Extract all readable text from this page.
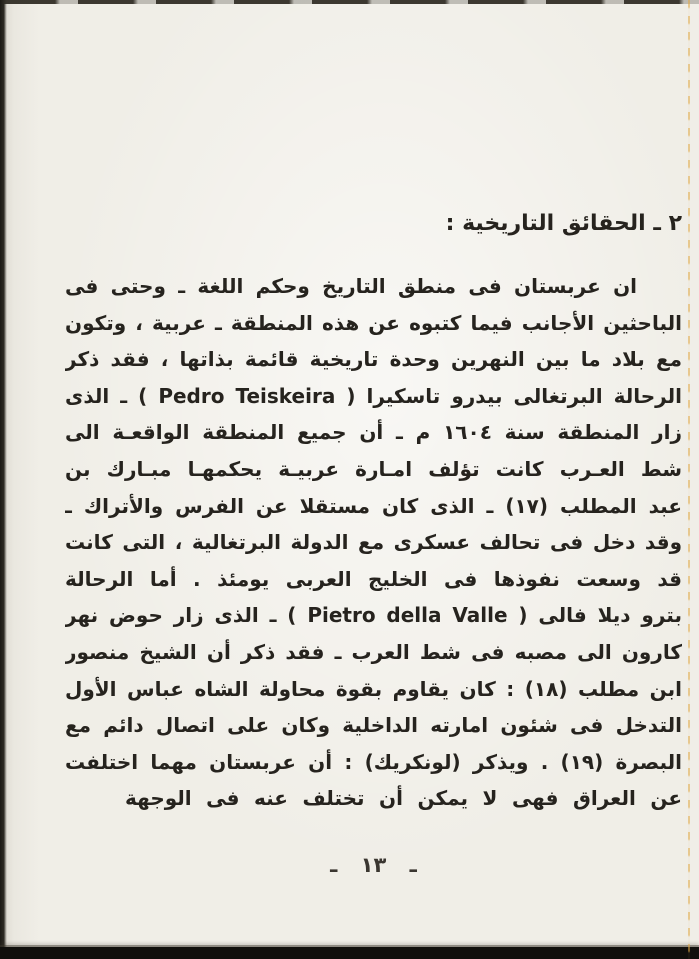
٢ ـ الحقائق التاريخية :
ان عربستان فى منطق التاريخ وحكم اللغة ـ وحتى فى
الباحثين الأجانب فيما كتبوه عن هذه المنطقة ـ عربية ، وتكون
مع بلاد ما بين النهرين وحدة تاريخية قائمة بذاتها ، فقد ذكر
الرحالة البرتغالى بيدرو تاسكيرا ( Pedro Teiskeira ) ـ الذى
زار المنطقة سنة ١٦٠٤ م ـ أن جميع المنطقة الواقعـة الى
شط العـرب كانت تؤلف امـارة عربيـة يحكمهـا مبـارك بن
عبد المطلب (١٧) ـ الذى كان مستقلا عن الفرس والأتراك ـ
وقد دخل فى تحالف عسكرى مع الدولة البرتغالية ، التى كانت
قد وسعت نفوذها فى الخليج العربى يومئذ . أما الرحالة
بترو ديلا فالى ( Pietro della Valle ) ـ الذى زار حوض نهر
كارون الى مصبه فى شط العرب ـ فقد ذكر أن الشيخ منصور
ابن مطلب (١٨) : كان يقاوم بقوة محاولة الشاه عباس الأول
التدخل فى شئون امارته الداخلية وكان على اتصال دائم مع
البصرة (١٩) . ويذكر (لونكريك) : أن عربستان مهما اختلفت
عن العراق فهى لا يمكن أن تختلف عنه فى الوجهة
ـ ١٣ ـ
